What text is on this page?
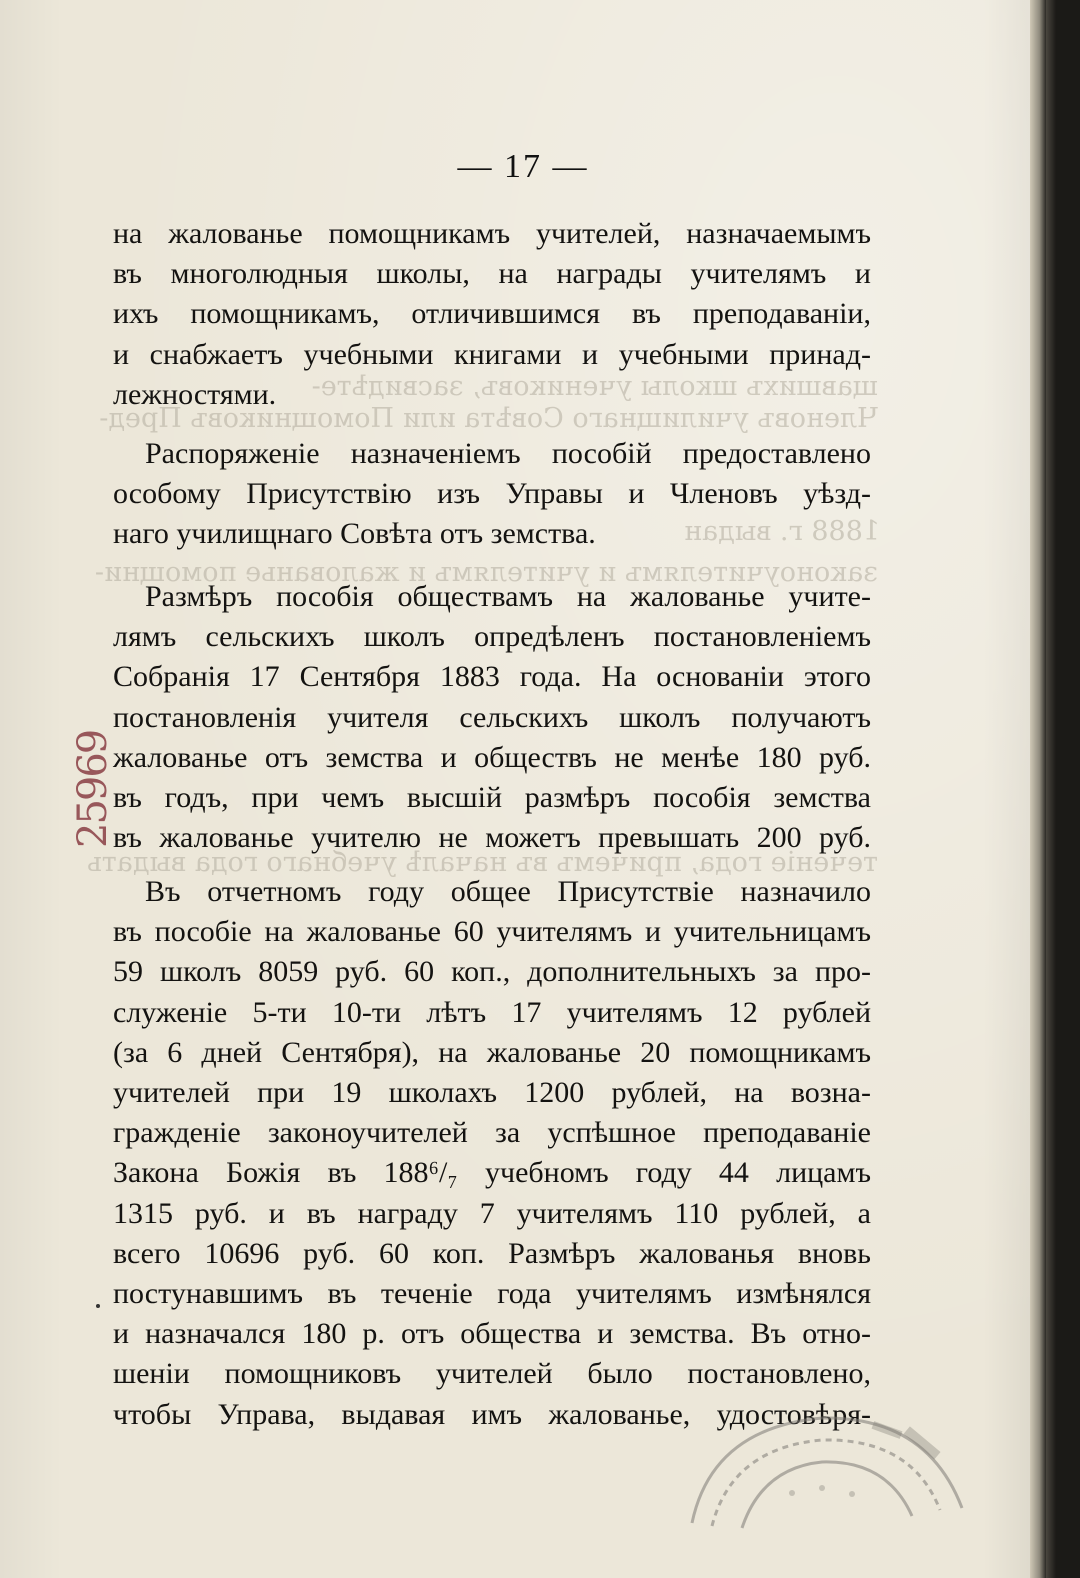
щавшихъ школы учениковъ, засвидѣте-
Членовъ училищнаго Совѣта или Помощниковъ Пред-
1888 г. выдан
законоучителямъ и учителямъ и жалованье помощни-
теченіе года, причемъ въ началѣ учебнаго года выдать
— 17 —
на жалованье помощникамъ учителей, назначаемымъ
въ многолюдныя школы, на награды учителямъ и
ихъ помощникамъ, отличившимся въ преподаваніи,
и снабжаетъ учебными книгами и учебными принад-
лежностями.
Распоряженіе назначеніемъ пособій предоставлено
особому Присутствію изъ Управы и Членовъ уѣзд-
наго училищнаго Совѣта отъ земства.
Размѣръ пособія обществамъ на жалованье учите-
лямъ сельскихъ школъ опредѣленъ постановленіемъ
Собранія 17 Сентября 1883 года. На основаніи этого
постановленія учителя сельскихъ школъ получаютъ
жалованье отъ земства и обществъ не менѣе 180 руб.
въ годъ, при чемъ высшій размѣръ пособія земства
въ жалованье учителю не можетъ превышать 200 руб.
Въ отчетномъ году общее Присутствіе назначило
въ пособіе на жалованье 60 учителямъ и учительницамъ
59 школъ 8059 руб. 60 коп., дополнительныхъ за про-
служеніе 5-ти 10-ти лѣтъ 17 учителямъ 12 рублей
(за 6 дней Сентября), на жалованье 20 помощникамъ
учителей при 19 школахъ 1200 рублей, на возна-
гражденіе законоучителей за успѣшное преподаваніе
Закона Божія въ 188⁶/₇ учебномъ году 44 лицамъ
1315 руб. и въ награду 7 учителямъ 110 рублей, а
всего 10696 руб. 60 коп. Размѣръ жалованья вновь
постунавшимъ въ теченіе года учителямъ измѣнялся
и назначался 180 р. отъ общества и земства. Въ отно-
шеніи помощниковъ учителей было постановлено,
чтобы Управа, выдавая имъ жалованье, удостовѣря-
25969
